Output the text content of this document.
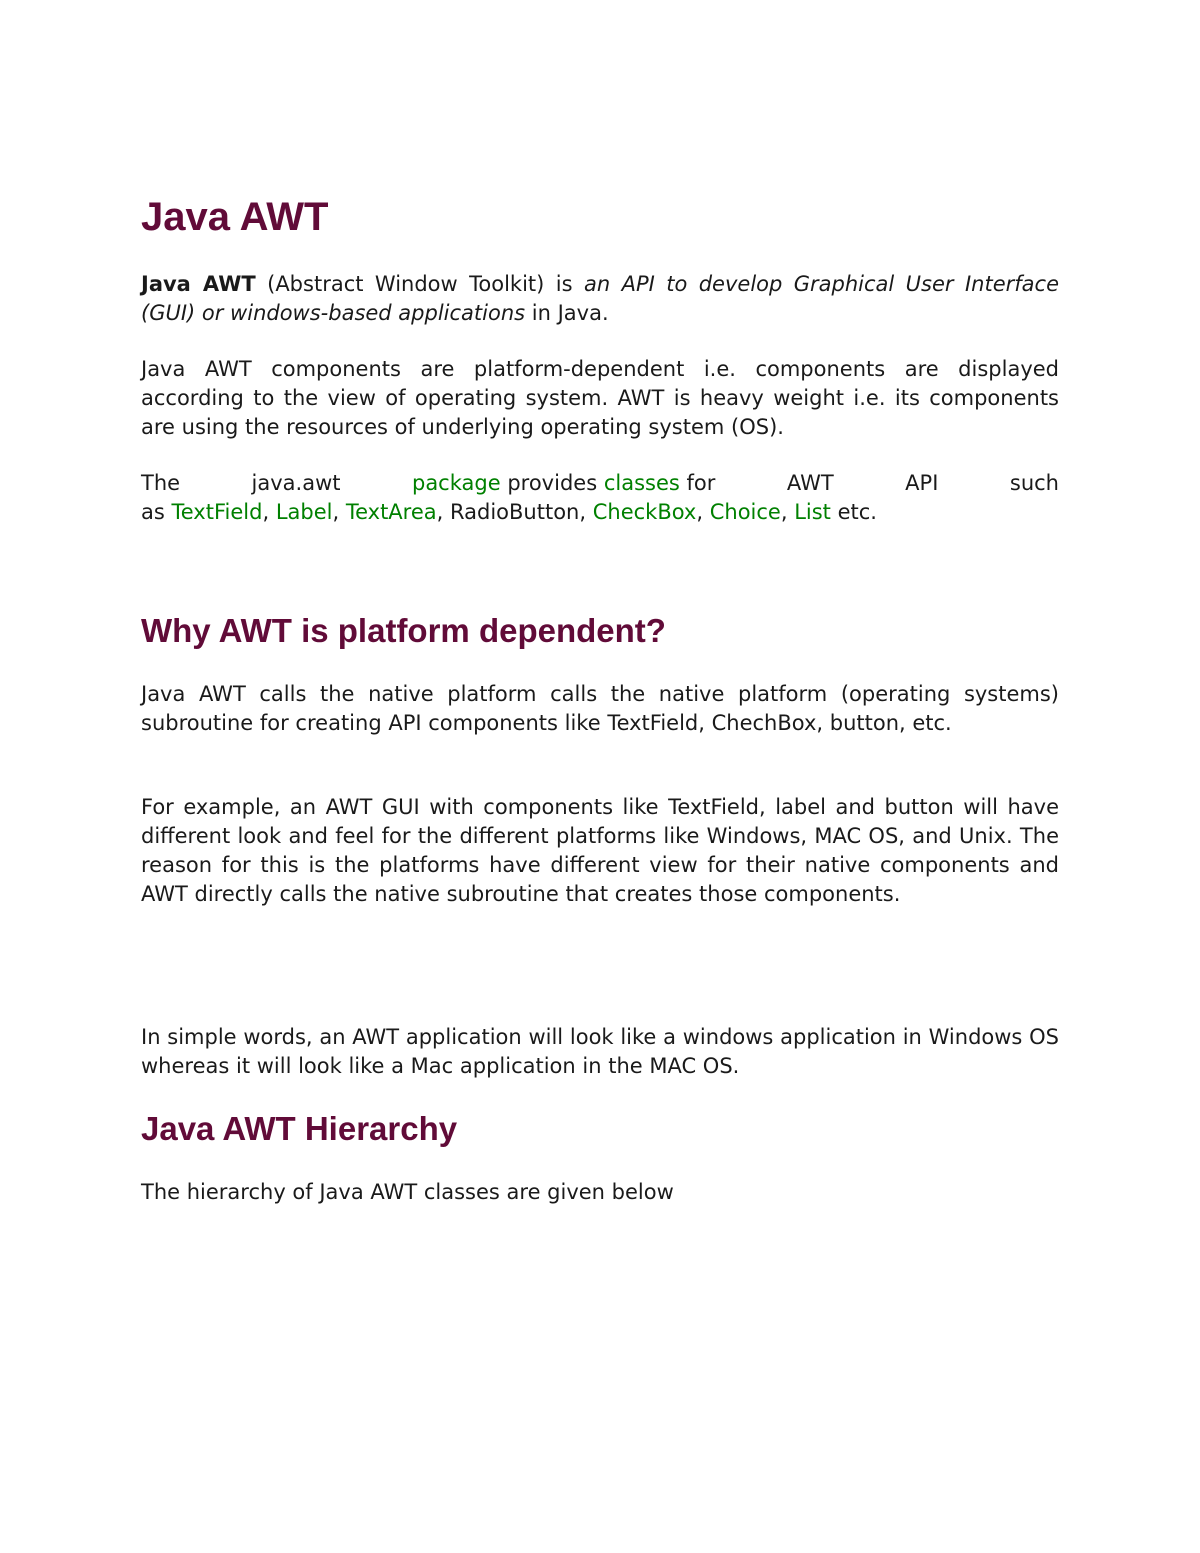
Java AWT

Java AWT (Abstract Window Toolkit) is an API to develop Graphical User Interface (GUI) or windows-based applications in Java.

Java AWT components are platform-dependent i.e. components are displayed according to the view of operating system. AWT is heavy weight i.e. its components are using the resources of underlying operating system (OS).

The	java.awt	package provides classes for	AWT	API	such
as TextField, Label, TextArea, RadioButton, CheckBox, Choice, List etc.
Why AWT is platform dependent?

Java AWT calls the native platform calls the native platform (operating systems) subroutine for creating API components like TextField, ChechBox, button, etc.

For example, an AWT GUI with components like TextField, label and button will have different look and feel for the different platforms like Windows, MAC OS, and Unix. The reason for this is the platforms have different view for their native components and AWT directly calls the native subroutine that creates those components.

In simple words, an AWT application will look like a windows application in Windows OS whereas it will look like a Mac application in the MAC OS.

Java AWT Hierarchy

The hierarchy of Java AWT classes are given below
